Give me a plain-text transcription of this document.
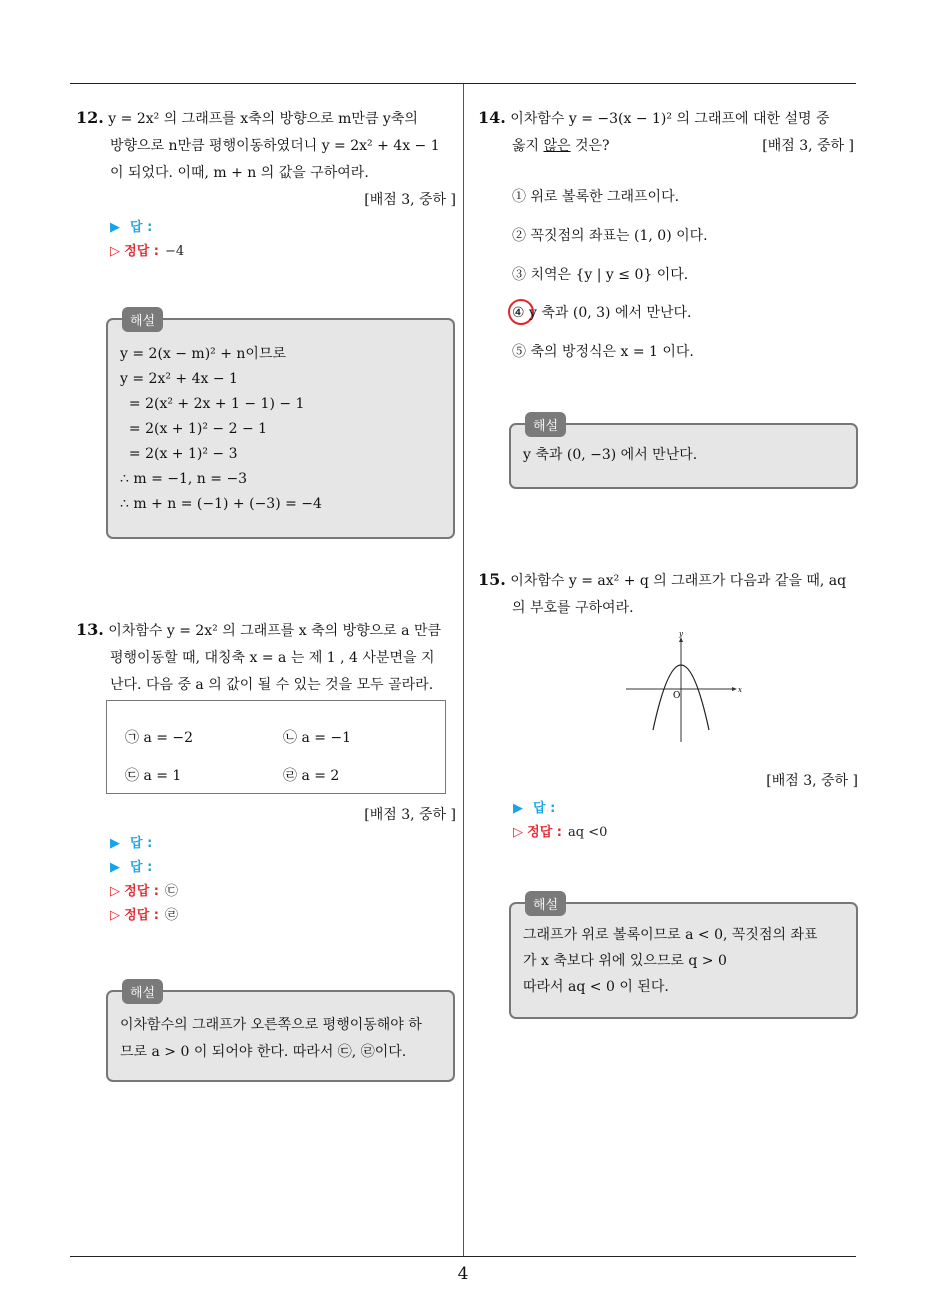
12. y = 2x² 의 그래프를 x축의 방향으로 m만큼 y축의
방향으로 n만큼 평행이동하였더니 y = 2x² + 4x − 1
이 되었다. 이때, m + n 의 값을 구하여라.
[배점 3, 중하 ]
▶ 답 :
▷ 정답 : −4
해설
y = 2(x − m)² + n이므로
y = 2x² + 4x − 1
= 2(x² + 2x + 1 − 1) − 1
= 2(x + 1)² − 2 − 1
= 2(x + 1)² − 3
∴ m = −1, n = −3
∴ m + n = (−1) + (−3) = −4
13. 이차함수 y = 2x² 의 그래프를 x 축의 방향으로 a 만큼
평행이동할 때, 대칭축 x = a 는 제 1 , 4 사분면을 지
난다. 다음 중 a 의 값이 될 수 있는 것을 모두 골라라.
㉠ a = −2	㉡ a = −1
㉢ a = 1	㉣ a = 2
[배점 3, 중하 ]
▶ 답 :
▶ 답 :
▷ 정답 : ㉢
▷ 정답 : ㉣
해설
이차함수의 그래프가 오른쪽으로 평행이동해야 하
므로 a > 0 이 되어야 한다. 따라서 ㉢, ㉣이다.
14. 이차함수 y = −3(x − 1)² 의 그래프에 대한 설명 중
옳지 않은 것은?	[배점 3, 중하 ]
① 위로 볼록한 그래프이다.
② 꼭짓점의 좌표는 (1, 0) 이다.
③ 치역은 {y | y ≤ 0} 이다.
④ y 축과 (0, 3) 에서 만난다.
⑤ 축의 방정식은 x = 1 이다.
해설
y 축과 (0, −3) 에서 만난다.
15. 이차함수 y = ax² + q 의 그래프가 다음과 같을 때, aq
의 부호를 구하여라.
x
y
O
[배점 3, 중하 ]
▶ 답 :
▷ 정답 : aq <0
해설
그래프가 위로 볼록이므로 a < 0, 꼭짓점의 좌표
가 x 축보다 위에 있으므로 q > 0
따라서 aq < 0 이 된다.
4
